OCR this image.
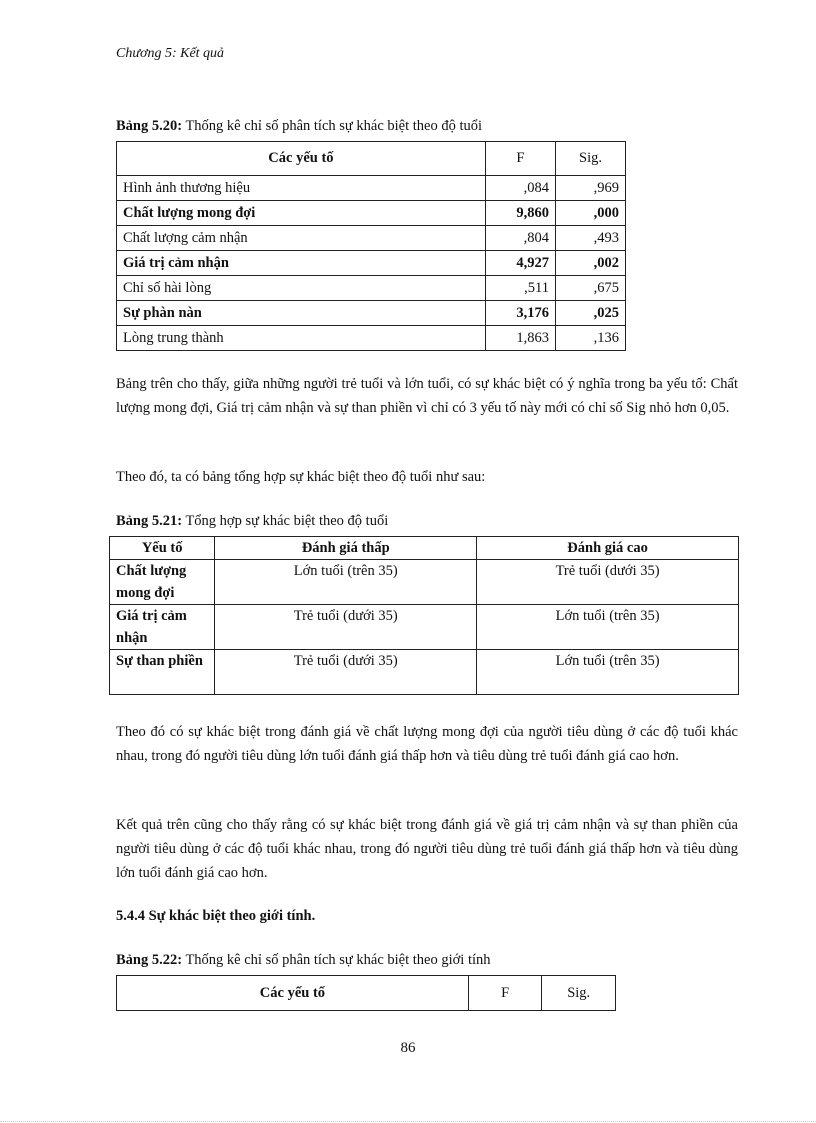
Chương 5: Kết quả
Bảng 5.20: Thống kê chỉ số phân tích sự khác biệt theo độ tuổi
Các yếu tố	F	Sig.
Hình ảnh thương hiệu	,084	,969
Chất lượng mong đợi	9,860	,000
Chất lượng cảm nhận	,804	,493
Giá trị cảm nhận	4,927	,002
Chỉ số hài lòng	,511	,675
Sự phàn nàn	3,176	,025
Lòng trung thành	1,863	,136
Bảng trên cho thấy, giữa những người trẻ tuổi và lớn tuổi, có sự khác biệt có ý nghĩa trong ba yếu tố: Chất lượng mong đợi, Giá trị cảm nhận và sự than phiền vì chỉ có 3 yếu tố này mới có chỉ số Sig nhỏ hơn 0,05.
Theo đó, ta có bảng tổng hợp sự khác biệt theo độ tuổi như sau:
Bảng 5.21: Tổng hợp sự khác biệt theo độ tuổi
Yếu tố	Đánh giá thấp	Đánh giá cao
Chất lượng mong đợi	Lớn tuổi (trên 35)	Trẻ tuổi (dưới 35)
Giá trị cảm nhận	Trẻ tuổi (dưới 35)	Lớn tuổi (trên 35)
Sự than phiền	Trẻ tuổi (dưới 35)	Lớn tuổi (trên 35)
Theo đó có sự khác biệt trong đánh giá về chất lượng mong đợi của người tiêu dùng ở các độ tuổi khác nhau, trong đó người tiêu dùng lớn tuổi đánh giá thấp hơn và tiêu dùng trẻ tuổi đánh giá cao hơn.
Kết quả trên cũng cho thấy rằng có sự khác biệt trong đánh giá về giá trị cảm nhận và sự than phiền của người tiêu dùng ở các độ tuổi khác nhau, trong đó người tiêu dùng trẻ tuổi đánh giá thấp hơn và tiêu dùng lớn tuổi đánh giá cao hơn.
5.4.4 Sự khác biệt theo giới tính.
Bảng 5.22: Thống kê chỉ số phân tích sự khác biệt theo giới tính
Các yếu tố	F	Sig.
86
